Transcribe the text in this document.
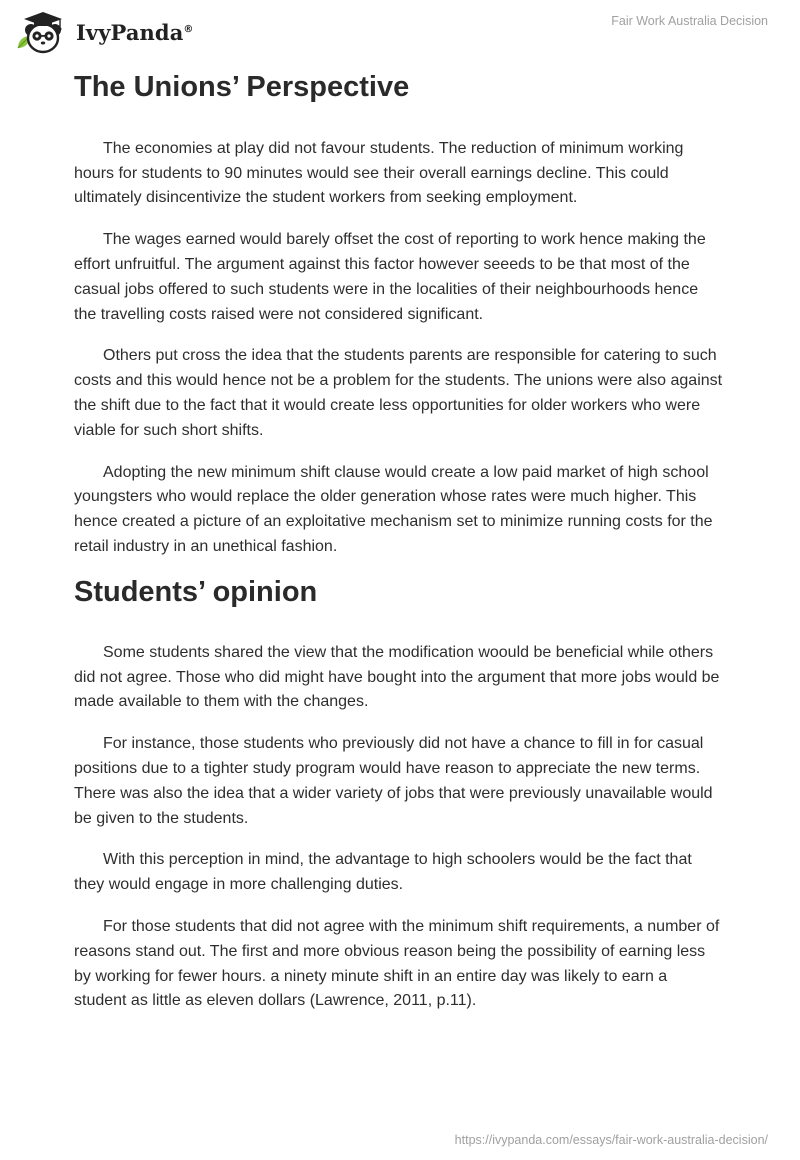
IvyPanda®
Fair Work Australia Decision
The Unions’ Perspective

The economies at play did not favour students. The reduction of minimum working hours for students to 90 minutes would see their overall earnings decline. This could ultimately disincentivize the student workers from seeking employment.

The wages earned would barely offset the cost of reporting to work hence making the effort unfruitful. The argument against this factor however seeeds to be that most of the casual jobs offered to such students were in the localities of their neighbourhoods hence the travelling costs raised were not considered significant.

Others put cross the idea that the students parents are responsible for catering to such costs and this would hence not be a problem for the students. The unions were also against the shift due to the fact that it would create less opportunities for older workers who were viable for such short shifts.

Adopting the new minimum shift clause would create a low paid market of high school youngsters who would replace the older generation whose rates were much higher. This hence created a picture of an exploitative mechanism set to minimize running costs for the retail industry in an unethical fashion.

Students’ opinion

Some students shared the view that the modification woould be beneficial while others did not agree. Those who did might have bought into the argument that more jobs would be made available to them with the changes.

For instance, those students who previously did not have a chance to fill in for casual positions due to a tighter study program would have reason to appreciate the new terms. There was also the idea that a wider variety of jobs that were previously unavailable would be given to the students.

With this perception in mind, the advantage to high schoolers would be the fact that they would engage in more challenging duties.

For those students that did not agree with the minimum shift requirements, a number of reasons stand out. The first and more obvious reason being the possibility of earning less by working for fewer hours. a ninety minute shift in an entire day was likely to earn a student as little as eleven dollars (Lawrence, 2011, p.11).

https://ivypanda.com/essays/fair-work-australia-decision/
